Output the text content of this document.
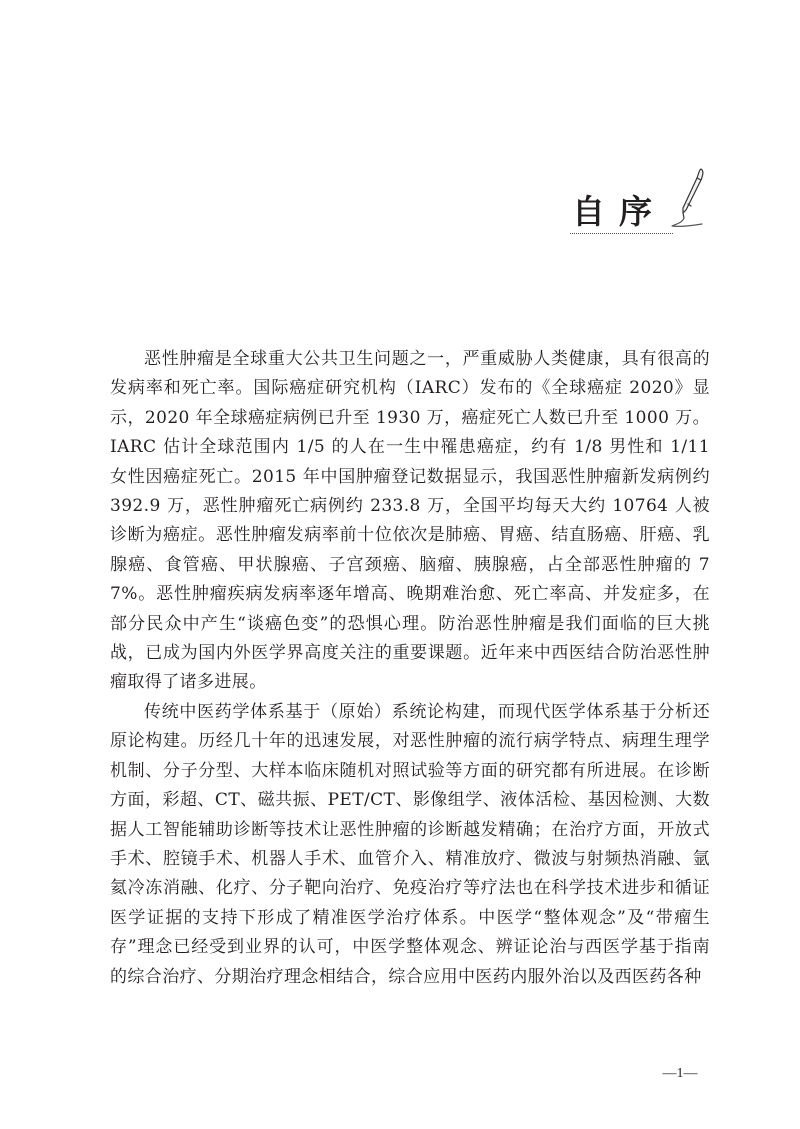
自序

恶性肿瘤是全球重大公共卫生问题之一，严重威胁人类健康，具有很高的发病率和死亡率。国际癌症研究机构（IARC）发布的《全球癌症 2020》显示，2020 年全球癌症病例已升至 1930 万，癌症死亡人数已升至 1000 万。IARC 估计全球范围内 1/5 的人在一生中罹患癌症，约有 1/8 男性和 1/11 女性因癌症死亡。2015 年中国肿瘤登记数据显示，我国恶性肿瘤新发病例约 392.9 万，恶性肿瘤死亡病例约 233.8 万，全国平均每天大约 10764 人被诊断为癌症。恶性肿瘤发病率前十位依次是肺癌、胃癌、结直肠癌、肝癌、乳腺癌、食管癌、甲状腺癌、子宫颈癌、脑瘤、胰腺癌，占全部恶性肿瘤的 77%。恶性肿瘤疾病发病率逐年增高、晚期难治愈、死亡率高、并发症多，在部分民众中产生“谈癌色变”的恐惧心理。防治恶性肿瘤是我们面临的巨大挑战，已成为国内外医学界高度关注的重要课题。近年来中西医结合防治恶性肿瘤取得了诸多进展。

传统中医药学体系基于（原始）系统论构建，而现代医学体系基于分析还原论构建。历经几十年的迅速发展，对恶性肿瘤的流行病学特点、病理生理学机制、分子分型、大样本临床随机对照试验等方面的研究都有所进展。在诊断方面，彩超、CT、磁共振、PET/CT、影像组学、液体活检、基因检测、大数据人工智能辅助诊断等技术让恶性肿瘤的诊断越发精确；在治疗方面，开放式手术、腔镜手术、机器人手术、血管介入、精准放疗、微波与射频热消融、氩氦冷冻消融、化疗、分子靶向治疗、免疫治疗等疗法也在科学技术进步和循证医学证据的支持下形成了精准医学治疗体系。中医学“整体观念”及“带瘤生存”理念已经受到业界的认可，中医学整体观念、辨证论治与西医学基于指南的综合治疗、分期治疗理念相结合，综合应用中医药内服外治以及西医药各种

—1—
